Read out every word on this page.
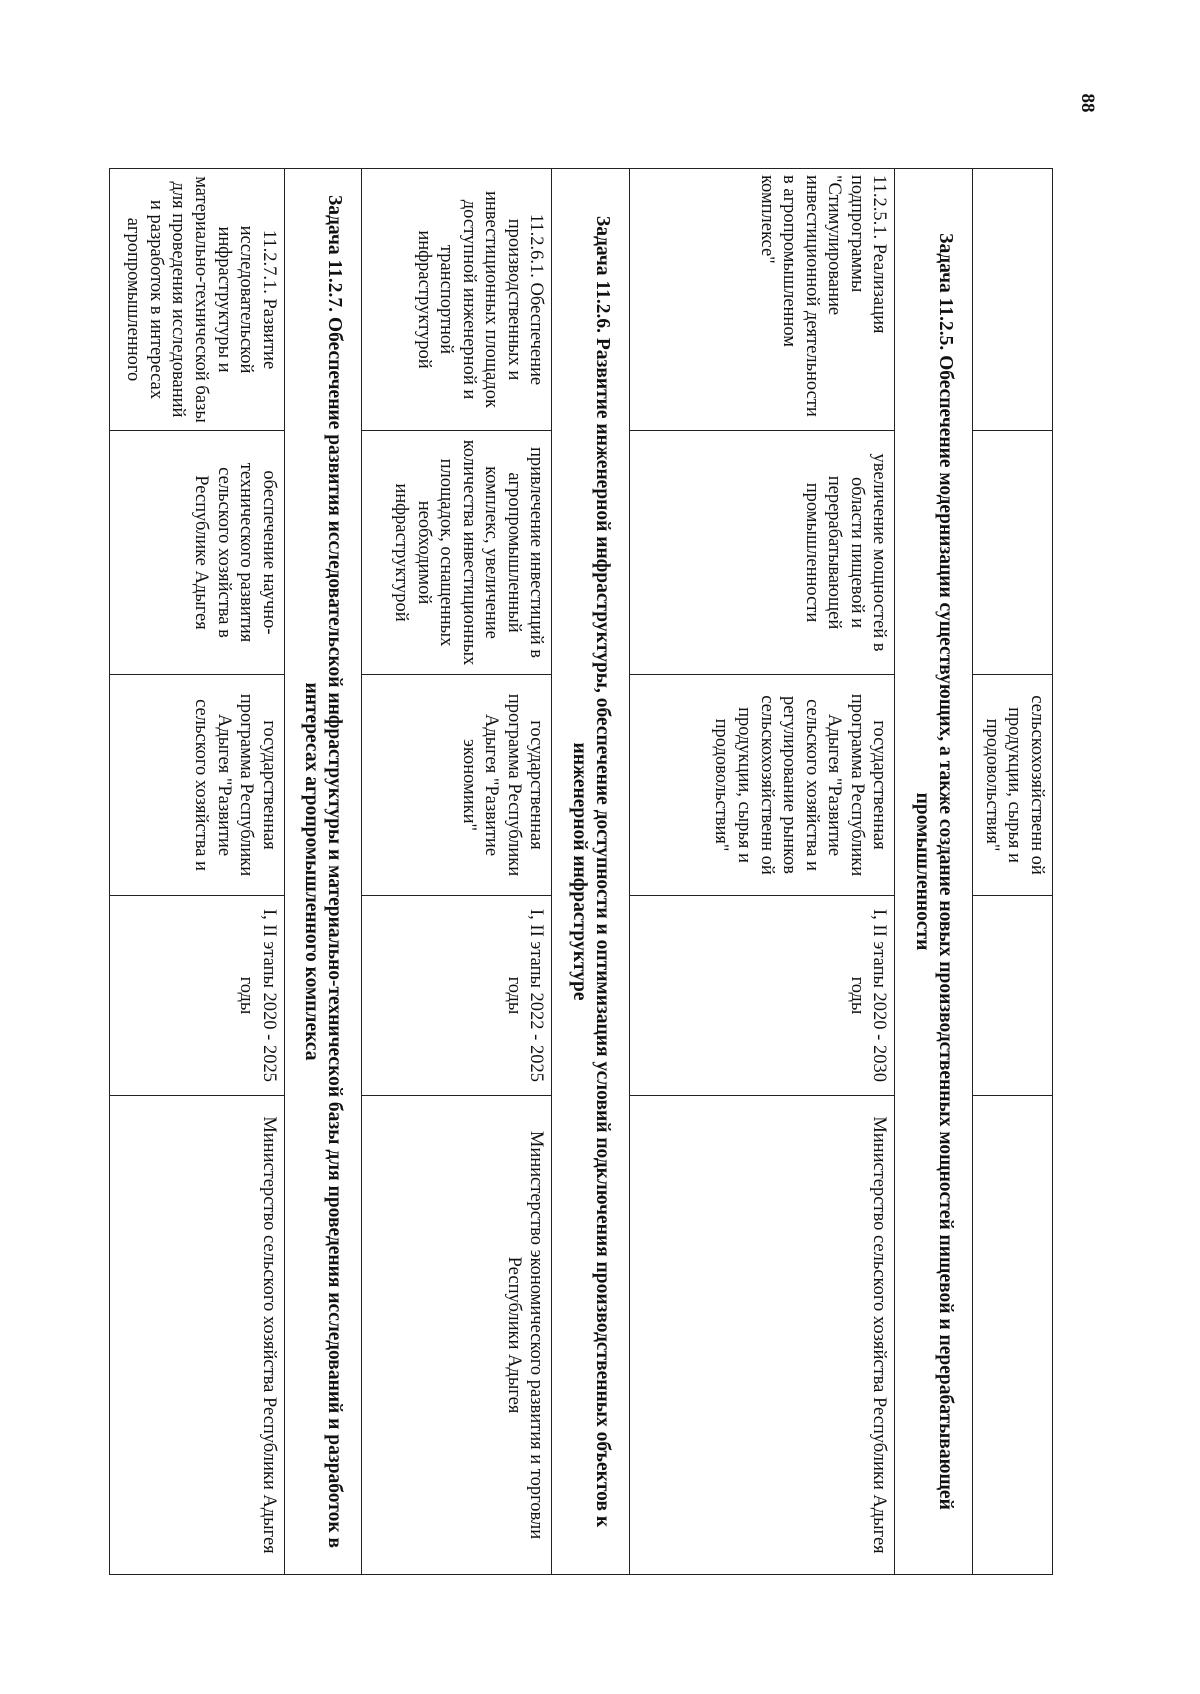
88
		сельскохозяйственн ой продукции, сырья и продовольствия"		
Задача 11.2.5. Обеспечение модернизации существующих, а также создание новых производственных мощностей пищевой и перерабатывающей промышленности				
11.2.5.1. Реализация подпрограммы "Стимулирование инвестиционной деятельности в агропромышленном комплексе"	увеличение мощностей в области пищевой и перерабатывающей промышленности	государственная программа Республики Адыгея "Развитие сельского хозяйства и регулирование рынков сельскохозяйственн ой продукции, сырья и продовольствия"	I, II этапы 2020 - 2030 годы	Министерство сельского хозяйства Республики Адыгея
Задача 11.2.6. Развитие инженерной инфраструктуры, обеспечение доступности и оптимизация условий подключения производственных объектов к инженерной инфраструктуре				
11.2.6.1. Обеспечение производственных и инвестиционных площадок доступной инженерной и транспортной инфраструктурой	привлечение инвестиций в агропромышленный комплекс, увеличение количества инвестиционных площадок, оснащенных необходимой инфраструктурой	государственная программа Республики Адыгея "Развитие экономики"	I, II этапы 2022 - 2025 годы	Министерство экономического развития и торговли Республики Адыгея
Задача 11.2.7. Обеспечение развития исследовательской инфраструктуры и материально-технической базы для проведения исследований и разработок в интересах агропромышленного комплекса				
11.2.7.1. Развитие исследовательской инфраструктуры и материально-технической базы для проведения исследований и разработок в интересах агропромышленного	обеспечение научно-технического развития сельского хозяйства в Республике Адыгея	государственная программа Республики Адыгея "Развитие сельского хозяйства и	I, II этапы 2020 - 2025 годы	Министерство сельского хозяйства Республики Адыгея
